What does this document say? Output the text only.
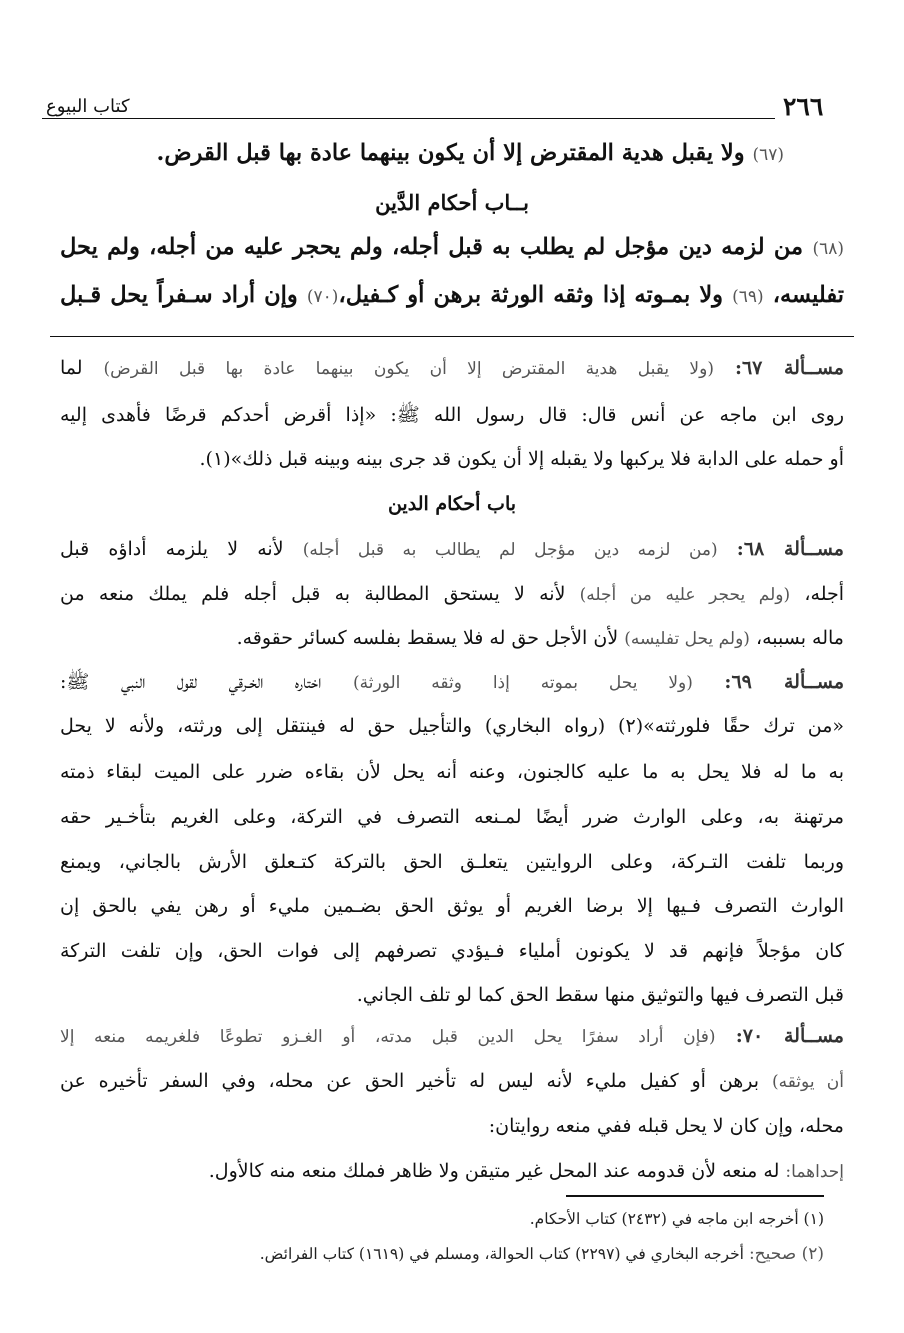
٢٦٦
كتاب البيوع
(٦٧) ولا يقبل هدية المقترض إلا أن يكون بينهما عادة بها قبل القرض.
بــاب أحكام الدَّين
(٦٨) من لزمه دين مؤجل لم يطلب به قبل أجله، ولم يحجر عليه من أجله، ولم يحل
تفليسه، (٦٩) ولا بمـوته إذا وثقه الورثة برهن أو كـفيل،(٧٠) وإن أراد سـفراً يحل قـبل
مســألة ٦٧: (ولا يقبل هدية المقترض إلا أن يكون بينهما عادة بها قبل القرض) لما
روى ابن ماجه عن أنس قال: قال رسول الله ﷺ: «إذا أقرض أحدكم قرضًا فأهدى إليه
أو حمله على الدابة فلا يركبها ولا يقبله إلا أن يكون قد جرى بينه وبينه قبل ذلك»(١).
باب أحكام الدين
مســألة ٦٨: (من لزمه دين مؤجل لم يطالب به قبل أجله) لأنه لا يلزمه أداؤه قبل
أجله، (ولم يحجر عليه من أجله) لأنه لا يستحق المطالبة به قبل أجله فلم يملك منعه من
ماله بسببه، (ولم يحل تفليسه) لأن الأجل حق له فلا يسقط بفلسه كسائر حقوقه.
مســألة ٦٩: (ولا يحل بموته إذا وثقه الورثة) اختاره الخـرقي لقول النبي ﷺ:
«من ترك حقًا فلورثته»(٢) (رواه البخاري) والتأجيل حق له فينتقل إلى ورثته، ولأنه لا يحل
به ما له فلا يحل به ما عليه كالجنون، وعنه أنه يحل لأن بقاءه ضرر على الميت لبقاء ذمته
مرتهنة به، وعلى الوارث ضرر أيضًا لمـنعه التصرف في التركة، وعلى الغريم بتأخـير حقه
وربما تلفت التـركة، وعلى الروايتين يتعلـق الحق بالتركة كتـعلق الأرش بالجاني، ويمنع
الوارث التصرف فـيها إلا برضا الغريم أو يوثق الحق بضـمين مليء أو رهن يفي بالحق إن
كان مؤجلاً فإنهم قد لا يكونون أملياء فـيؤدي تصرفهم إلى فوات الحق، وإن تلفت التركة
قبل التصرف فيها والتوثيق منها سقط الحق كما لو تلف الجاني.
مســألة ٧٠: (فإن أراد سفرًا يحل الدين قبل مدته، أو الغـزو تطوعًا فلغريمه منعه إلا
أن يوثقه) برهن أو كفيل مليء لأنه ليس له تأخير الحق عن محله، وفي السفر تأخيره عن
محله، وإن كان لا يحل قبله ففي منعه روايتان:
إحداهما: له منعه لأن قدومه عند المحل غير متيقن ولا ظاهر فملك منعه منه كالأول.
(١) أخرجه ابن ماجه في (٢٤٣٢) كتاب الأحكام.
(٢) صحيح: أخرجه البخاري في (٢٢٩٧) كتاب الحوالة، ومسلم في (١٦١٩) كتاب الفرائض.
